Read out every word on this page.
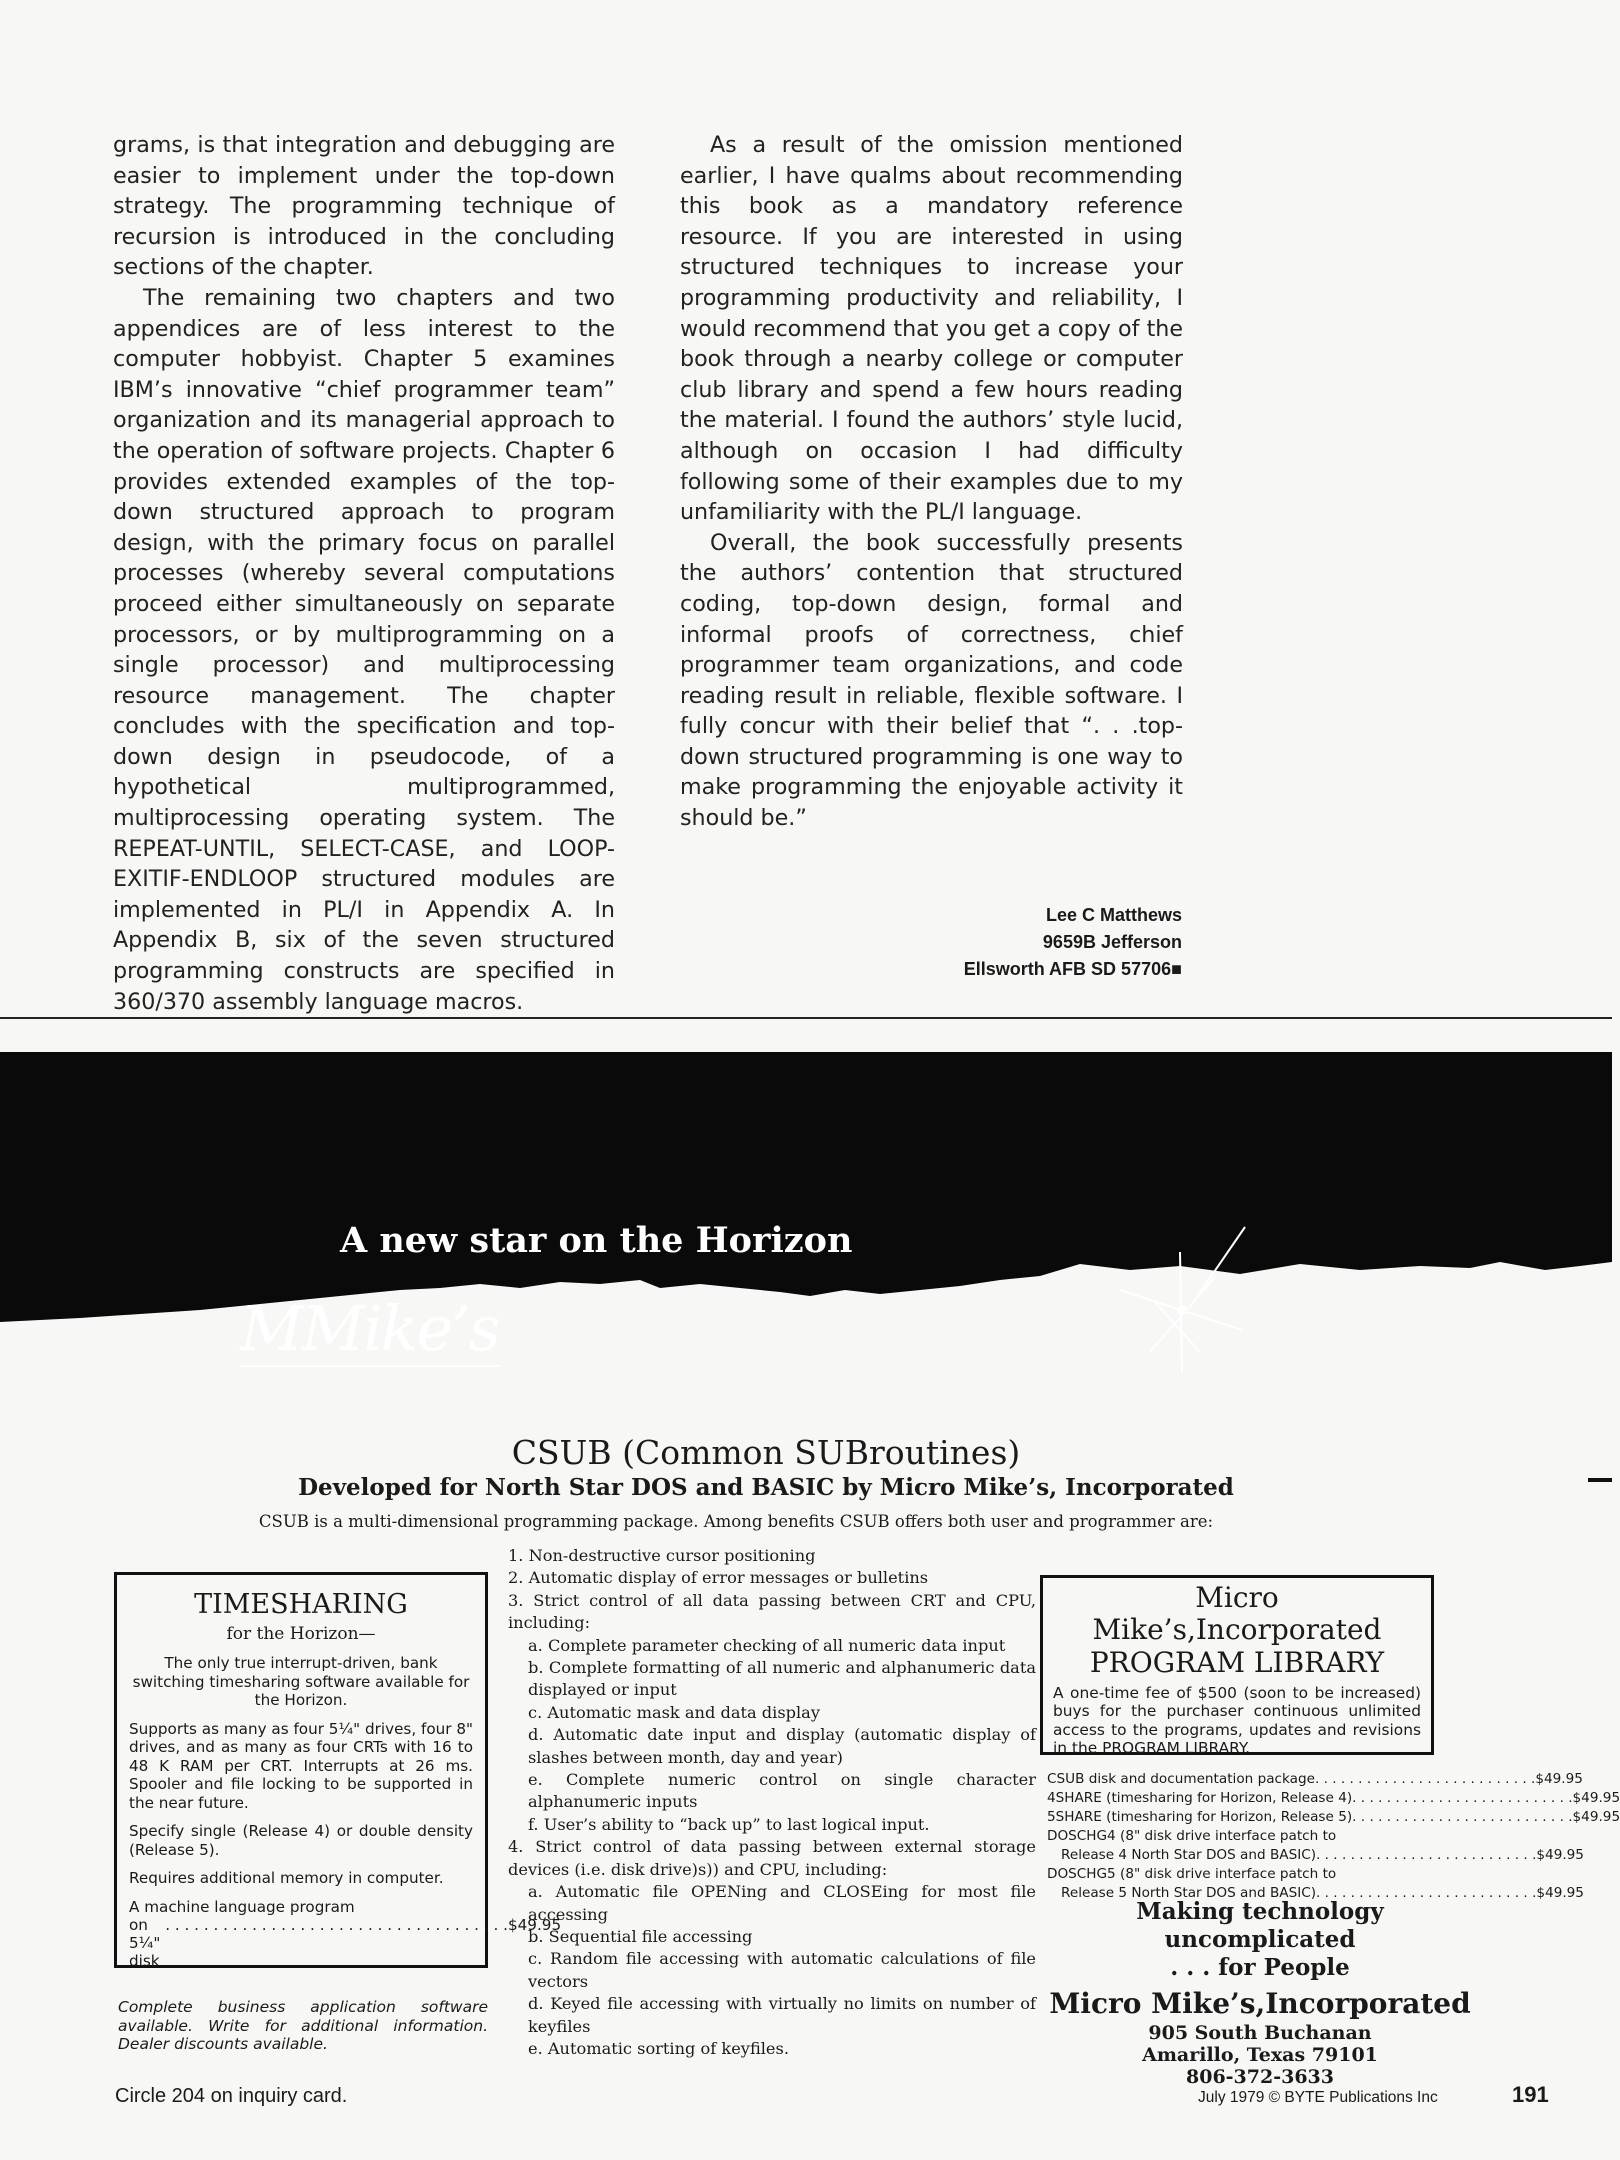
grams, is that integration and debugging are easier to implement under the top-down strategy. The programming technique of recursion is introduced in the concluding sections of the chapter.

The remaining two chapters and two appendices are of less interest to the computer hobbyist. Chapter 5 examines IBM’s innovative “chief programmer team” organization and its managerial approach to the operation of software projects. Chapter 6 provides extended examples of the top-down structured approach to program design, with the primary focus on parallel processes (whereby several computations proceed either simultaneously on separate processors, or by multiprogramming on a single processor) and multiprocessing resource management. The chapter concludes with the specification and top-down design in pseudocode, of a hypothetical multiprogrammed, multiprocessing operating system. The REPEAT-UNTIL, SELECT-CASE, and LOOP-EXITIF-ENDLOOP structured modules are implemented in PL/I in Appendix A. In Appendix B, six of the seven structured programming constructs are specified in 360/370 assembly language macros.

As a result of the omission mentioned earlier, I have qualms about recommending this book as a mandatory reference resource. If you are interested in using structured techniques to increase your programming productivity and reliability, I would recommend that you get a copy of the book through a nearby college or computer club library and spend a few hours reading the material. I found the authors’ style lucid, although on occasion I had difficulty following some of their examples due to my unfamiliarity with the PL/I language.

Overall, the book successfully presents the authors’ contention that structured coding, top-down design, formal and informal proofs of correctness, chief programmer team organizations, and code reading result in reliable, flexible software. I fully concur with their belief that “. . .top-down structured programming is one way to make programming the enjoyable activity it should be.”

Lee C Matthews
9659B Jefferson
Ellsworth AFB SD 57706■
A new star on the Horizon
MMike’s
CSUB (Common SUBroutines)
Developed for North Star DOS and BASIC by Micro Mike’s, Incorporated
CSUB is a multi-dimensional programming package. Among benefits CSUB offers both user and programmer are:
TIMESHARING
for the Horizon—

The only true interrupt-driven, bank switching timesharing software available for the Horizon.

Supports as many as four 5¼" drives, four 8" drives, and as many as four CRTs with 16 to 48 K RAM per CRT. Interrupts at 26 ms. Spooler and file locking to be supported in the near future.

Specify single (Release 4) or double density (Release 5).

Requires additional memory in computer.

A machine language program
on 5¼" disk
. . . . . . . . . . . . . . . . . . . . . . . . . . . . . . . . . . . . $49.95
Complete business application software available. Write for additional information. Dealer discounts available.
1. Non-destructive cursor positioning
2. Automatic display of error messages or bulletins
3. Strict control of all data passing between CRT and CPU, including:
a. Complete parameter checking of all numeric data input
b. Complete formatting of all numeric and alphanumeric data displayed or input
c. Automatic mask and data display
d. Automatic date input and display (automatic display of slashes between month, day and year)
e. Complete numeric control on single character alphanumeric inputs
f. User’s ability to “back up” to last logical input.
4. Strict control of data passing between external storage devices (i.e. disk drive)s)) and CPU, including:
a. Automatic file OPENing and CLOSEing for most file accessing
b. Sequential file accessing
c. Random file accessing with automatic calculations of file vectors
d. Keyed file accessing with virtually no limits on number of keyfiles
e. Automatic sorting of keyfiles.
Micro Mike’s,Incorporated
PROGRAM LIBRARY

A one-time fee of $500 (soon to be increased) buys for the purchaser continuous unlimited access to the programs, updates and revisions in the PROGRAM LIBRARY.

CSUB disk and documentation package . . . . . . . . . . . . . . . . . . . . . . . . . . $49.95
4SHARE (timesharing for Horizon, Release 4) . . . . . . . . . . . . . . . . . . . . . . . . . . $49.95
5SHARE (timesharing for Horizon, Release 5) . . . . . . . . . . . . . . . . . . . . . . . . . . $49.95
DOSCHG4 (8" disk drive interface patch to
Release 4 North Star DOS and BASIC) . . . . . . . . . . . . . . . . . . . . . . . . . . $49.95
DOSCHG5 (8" disk drive interface patch to
Release 5 North Star DOS and BASIC) . . . . . . . . . . . . . . . . . . . . . . . . . . $49.95
Making technology uncomplicated
. . . for People
Micro Mike’s,Incorporated
905 South Buchanan
Amarillo, Texas 79101
806-372-3633
Circle 204 on inquiry card.	July 1979 © BYTE Publications Inc	191
